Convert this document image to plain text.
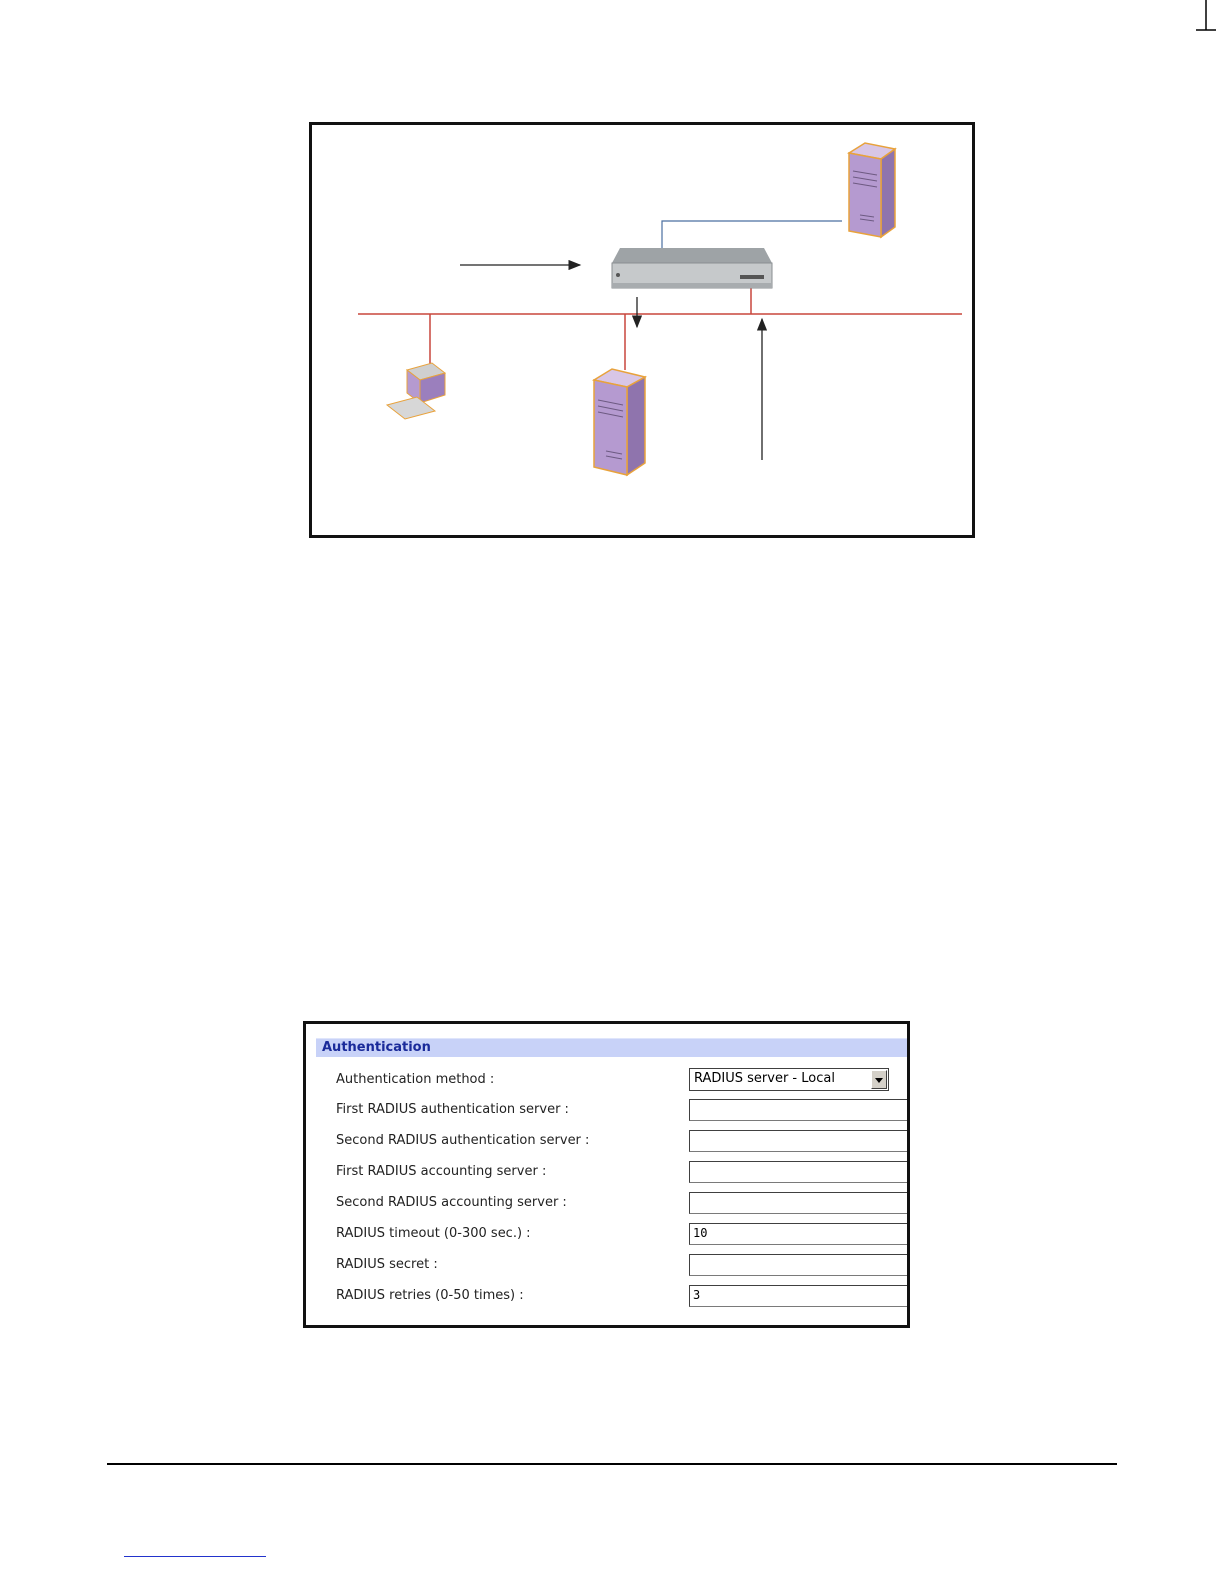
Authentication
Authentication method :	RADIUS server - Local
First RADIUS authentication server :
Second RADIUS authentication server :
First RADIUS accounting server :
Second RADIUS accounting server :
RADIUS timeout (0-300 sec.) :	10
RADIUS secret :
RADIUS retries (0-50 times) :	3
